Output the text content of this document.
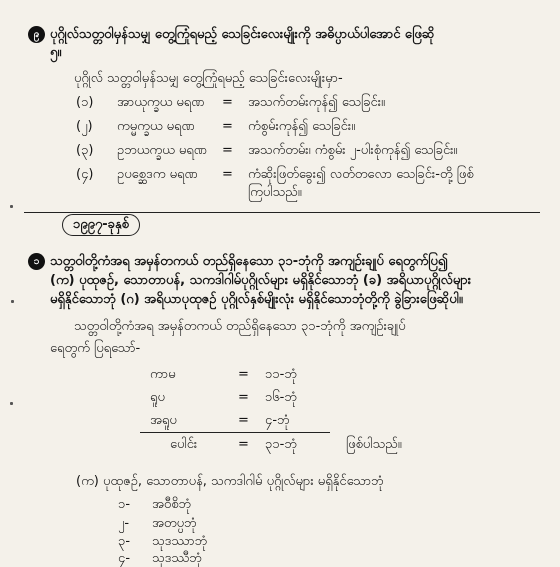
၉ ပုဂ္ဂိုလ်သတ္တဝါမှန်သမျှ တွေ့ကြုံရမည့် သေခြင်းလေးမျိုးကို အဓိပ္ပာယ်ပါအောင် ဖြေဆို
၅။
ပုဂ္ဂိုလ် သတ္တဝါမှန်သမျှ တွေ့ကြုံရမည့် သေခြင်းလေးမျိုးမှာ-
(၁) အာယုက္ခယ မရဏ = အသက်တမ်းကုန်၍ သေခြင်း။
(၂) ကမ္မက္ခယ မရဏ = ကံစွမ်းကုန်၍ သေခြင်း။
(၃) ဥဘယက္ခယ မရဏ = အသက်တမ်း၊ ကံစွမ်း ၂-ပါးစုံကုန်၍ သေခြင်း။
(၄) ဥပစ္ဆေဒက မရဏ = ကံဆိုးဖြတ်ခွေး၍ လတ်တလော သေခြင်း-တို့ ဖြစ်
ကြပါသည်။
၁၉၉၇-ခုနှစ်
၁ သတ္တဝါတို့ကံအရ အမှန်တကယ် တည်ရှိနေသော ၃၁-ဘုံကို အကျဉ်းချုပ် ရေတွက်ပြ၍
(က) ပုထုဇဉ်, သောတာပန်, သကဒါဂါမ်ပုဂ္ဂိုလ်များ မရှိနိုင်သောဘုံ (ခ) အရိယာပုဂ္ဂိုလ်များ
မရှိနိုင်သောဘုံ (ဂ) အရိယာပုထုဇဉ် ပုဂ္ဂိုလ်နှစ်မျိုးလုံး မရှိနိုင်သောဘုံတို့ကို ခွဲခြားဖြေဆိုပါ။
သတ္တဝါတို့ကံအရ အမှန်တကယ် တည်ရှိနေသော ၃၁-ဘုံကို အကျဉ်းချုပ်
ရေတွက် ပြရသော်-
ကာမ	= ၁၁-ဘုံ
ရူပ	= ၁၆-ဘုံ
အရူပ	= ၄-ဘုံ
ပေါင်း	= ၃၁-ဘုံ	ဖြစ်ပါသည်။
(က) ပုထုဇဉ်, သောတာပန်, သကဒါဂါမ် ပုဂ္ဂိုလ်များ မရှိနိုင်သောဘုံ
၁- အဝီစိဘုံ
၂- အတပ္ပဘုံ
၃- သုဒဿာဘုံ
၄- သုဒဿီဘုံ
